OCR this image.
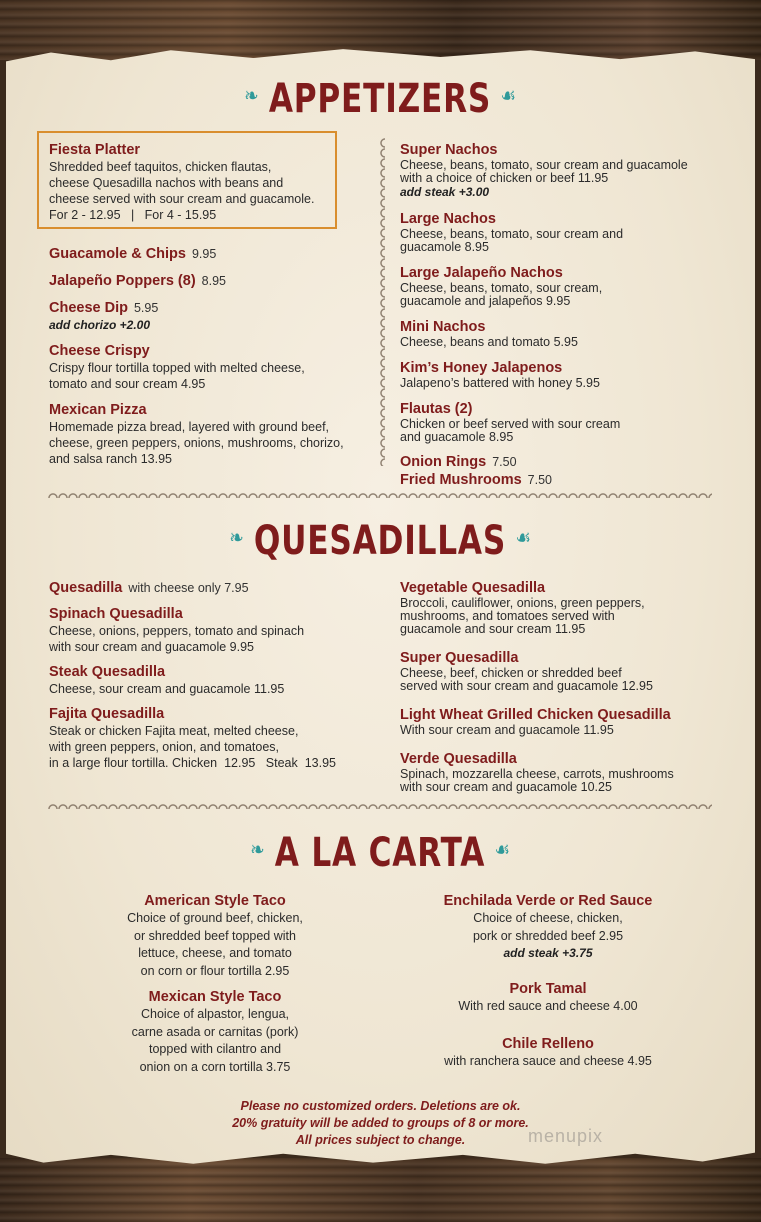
❧ APPETIZERS ☙
Fiesta Platter
Shredded beef taquitos, chicken flautas,
cheese Quesadilla nachos with beans and
cheese served with sour cream and guacamole.
For 2 - 12.95   |   For 4 - 15.95
Guacamole & Chips 9.95
Jalapeño Poppers (8) 8.95
Cheese Dip 5.95
add chorizo +2.00
Cheese Crispy
Crispy flour tortilla topped with melted cheese,
tomato and sour cream 4.95
Mexican Pizza
Homemade pizza bread, layered with ground beef,
cheese, green peppers, onions, mushrooms, chorizo,
and salsa ranch 13.95
Super Nachos
Cheese, beans, tomato, sour cream and guacamole
with a choice of chicken or beef 11.95
add steak +3.00
Large Nachos
Cheese, beans, tomato, sour cream and
guacamole 8.95
Large Jalapeño Nachos
Cheese, beans, tomato, sour cream,
guacamole and jalapeños 9.95
Mini Nachos
Cheese, beans and tomato 5.95
Kim’s Honey Jalapenos
Jalapeno’s battered with honey 5.95
Flautas (2)
Chicken or beef served with sour cream
and guacamole 8.95
Onion Rings 7.50
Fried Mushrooms 7.50
❧ QUESADILLAS ☙
Quesadilla with cheese only 7.95
Spinach Quesadilla
Cheese, onions, peppers, tomato and spinach
with sour cream and guacamole 9.95
Steak Quesadilla
Cheese, sour cream and guacamole 11.95
Fajita Quesadilla
Steak or chicken Fajita meat, melted cheese,
with green peppers, onion, and tomatoes,
in a large flour tortilla. Chicken  12.95   Steak  13.95
Vegetable Quesadilla
Broccoli, cauliflower, onions, green peppers,
mushrooms, and tomatoes served with
guacamole and sour cream 11.95
Super Quesadilla
Cheese, beef, chicken or shredded beef
served with sour cream and guacamole 12.95
Light Wheat Grilled Chicken Quesadilla
With sour cream and guacamole 11.95
Verde Quesadilla
Spinach, mozzarella cheese, carrots, mushrooms
with sour cream and guacamole 10.25
❧ A LA CARTA ☙
American Style Taco
Choice of ground beef, chicken,
or shredded beef topped with
lettuce, cheese, and tomato
on corn or flour tortilla 2.95
Mexican Style Taco
Choice of alpastor, lengua,
carne asada or carnitas (pork)
topped with cilantro and
onion on a corn tortilla 3.75
Enchilada Verde or Red Sauce
Choice of cheese, chicken,
pork or shredded beef 2.95
add steak +3.75
Pork Tamal
With red sauce and cheese 4.00
Chile Relleno
with ranchera sauce and cheese 4.95
Please no customized orders. Deletions are ok.
20% gratuity will be added to groups of 8 or more.
All prices subject to change.	menupix
